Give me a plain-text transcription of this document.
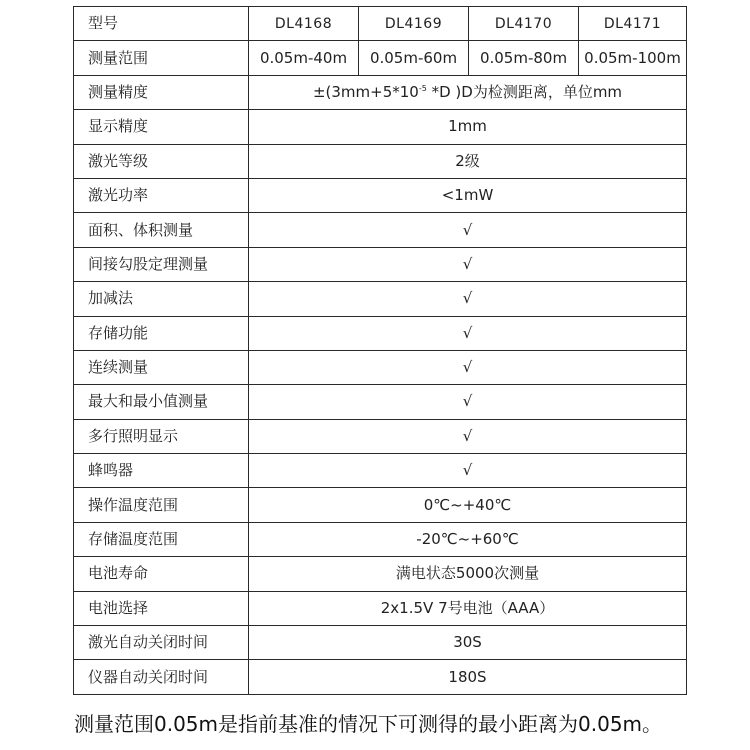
型号	DL4168	DL4169	DL4170	DL4171
测量范围	0.05m-40m	0.05m-60m	0.05m-80m	0.05m-100m
测量精度	$\pm(3mm+5*10^{-5}$ *D )D为检测距离，单位mm			
显示精度	1mm			
激光等级	2级			
激光功率	<1mW			
面积、体积测量	√			
间接勾股定理测量	√			
加减法	√			
存储功能	√			
连续测量	√			
最大和最小值测量	√			
多行照明显示	√			
蜂鸣器	√			
操作温度范围	0℃~+40℃			
存储温度范围	-20℃~+60℃			
电池寿命	满电状态5000次测量			
电池选择	2x1.5V 7号电池（AAA）			
激光自动关闭时间	30S			
仪器自动关闭时间	180S			
测量范围0.05m是指前基准的情况下可测得的最小距离为0.05m。
